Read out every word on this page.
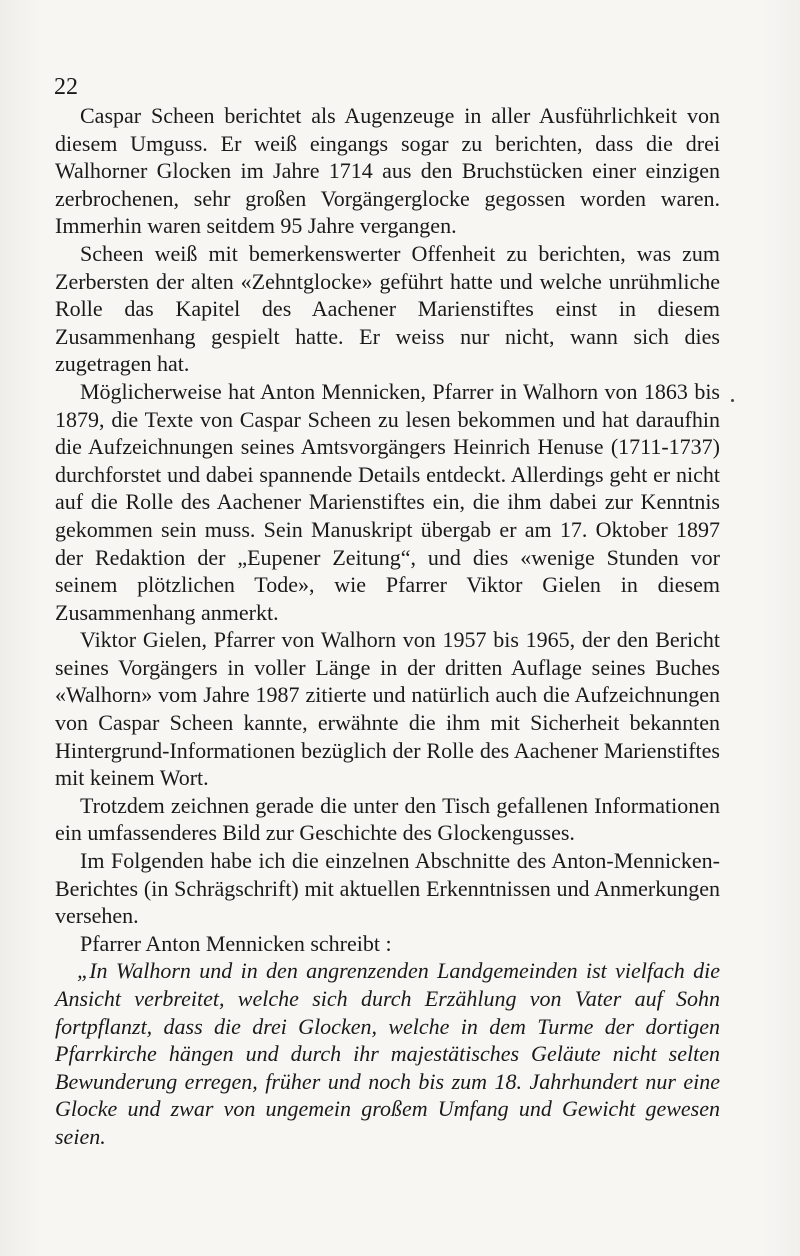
22

Caspar Scheen berichtet als Augenzeuge in aller Ausführlichkeit von diesem Umguss. Er weiß eingangs sogar zu berichten, dass die drei Walhorner Glocken im Jahre 1714 aus den Bruchstücken einer einzigen zerbrochenen, sehr großen Vorgängerglocke gegossen worden waren. Immerhin waren seitdem 95 Jahre vergangen.

Scheen weiß mit bemerkenswerter Offenheit zu berichten, was zum Zerbersten der alten «Zehntglocke» geführt hatte und welche unrühmliche Rolle das Kapitel des Aachener Marienstiftes einst in diesem Zusammenhang gespielt hatte. Er weiss nur nicht, wann sich dies zugetragen hat.

Möglicherweise hat Anton Mennicken, Pfarrer in Walhorn von 1863 bis 1879, die Texte von Caspar Scheen zu lesen bekommen und hat daraufhin die Aufzeichnungen seines Amtsvorgängers Heinrich Henuse (1711-1737) durchforstet und dabei spannende Details entdeckt. Allerdings geht er nicht auf die Rolle des Aachener Marienstiftes ein, die ihm dabei zur Kenntnis gekommen sein muss. Sein Manuskript übergab er am 17. Oktober 1897 der Redaktion der „Eupener Zeitung“, und dies «wenige Stunden vor seinem plötzlichen Tode», wie Pfarrer Viktor Gielen in diesem Zusammenhang anmerkt.

Viktor Gielen, Pfarrer von Walhorn von 1957 bis 1965, der den Bericht seines Vorgängers in voller Länge in der dritten Auflage seines Buches «Walhorn» vom Jahre 1987 zitierte und natürlich auch die Aufzeichnungen von Caspar Scheen kannte, erwähnte die ihm mit Sicherheit bekannten Hintergrund-Informationen bezüglich der Rolle des Aachener Marienstiftes mit keinem Wort.

Trotzdem zeichnen gerade die unter den Tisch gefallenen Informationen ein umfassenderes Bild zur Geschichte des Glockengusses.

Im Folgenden habe ich die einzelnen Abschnitte des Anton-Mennicken-Berichtes (in Schrägschrift) mit aktuellen Erkenntnissen und Anmerkungen versehen.

Pfarrer Anton Mennicken schreibt :

„In Walhorn und in den angrenzenden Landgemeinden ist vielfach die Ansicht verbreitet, welche sich durch Erzählung von Vater auf Sohn fortpflanzt, dass die drei Glocken, welche in dem Turme der dortigen Pfarrkirche hängen und durch ihr majestätisches Geläute nicht selten Bewunderung erregen, früher und noch bis zum 18. Jahrhundert nur eine Glocke und zwar von ungemein großem Umfang und Gewicht gewesen seien.
